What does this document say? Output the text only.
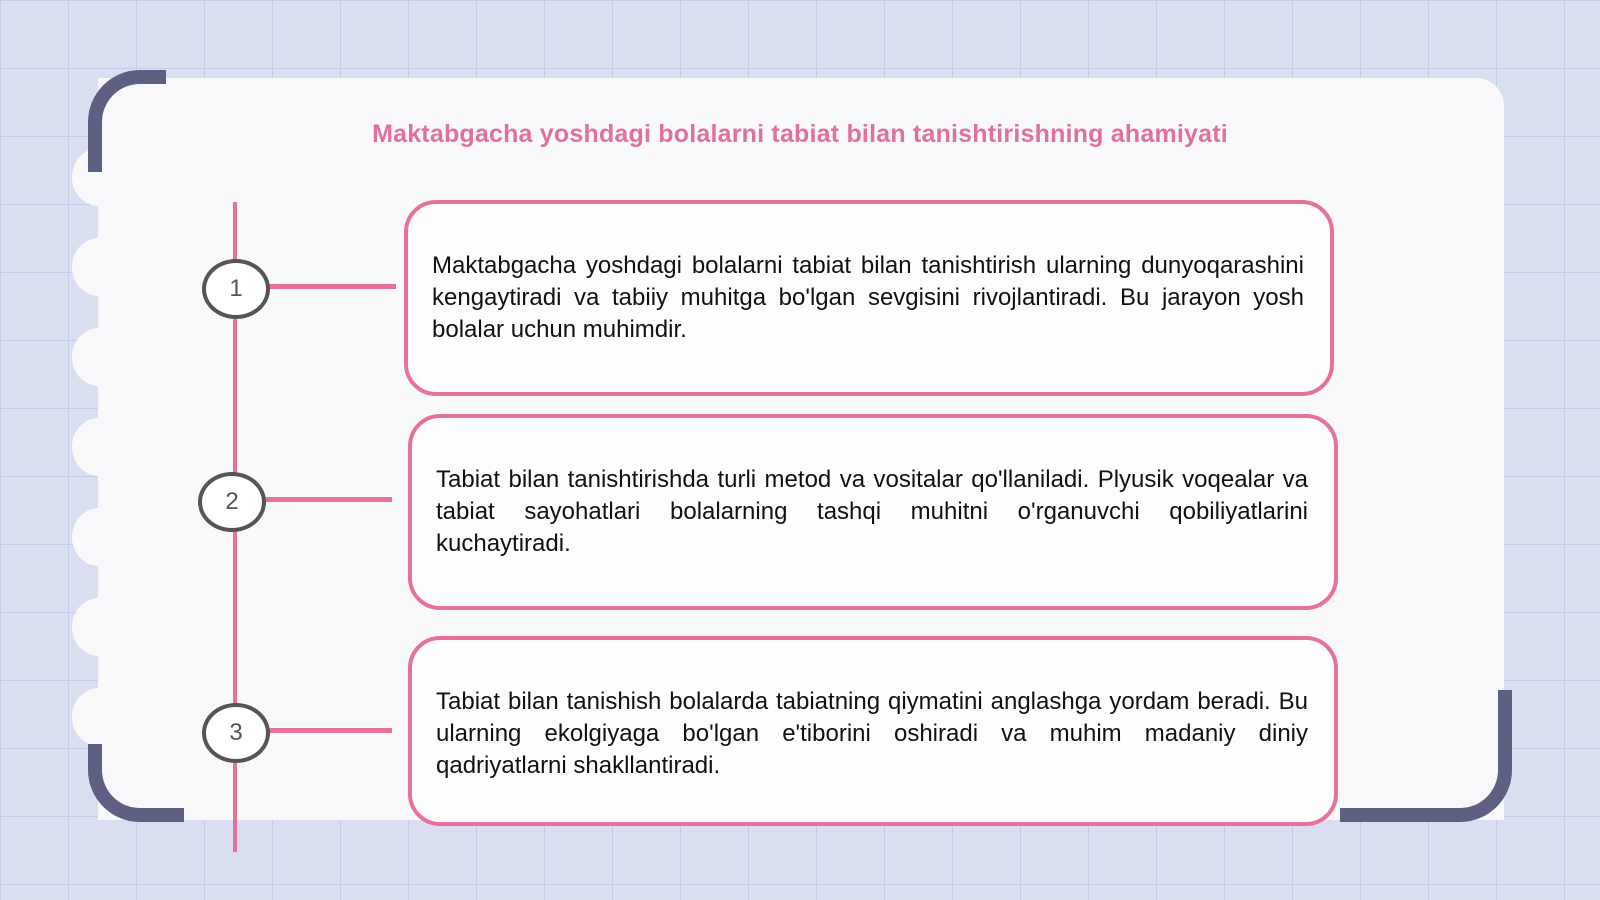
Maktabgacha yoshdagi bolalarni tabiat bilan tanishtirishning ahamiyati
1

Maktabgacha yoshdagi bolalarni tabiat bilan tanishtirish ularning dunyoqarashini kengaytiradi va tabiiy muhitga bo'lgan sevgisini rivojlantiradi. Bu jarayon yosh bolalar uchun muhimdir.

2

Tabiat bilan tanishtirishda turli metod va vositalar qo'llaniladi. Plyusik voqealar va tabiat sayohatlari bolalarning tashqi muhitni o'rganuvchi qobiliyatlarini kuchaytiradi.

3

Tabiat bilan tanishish bolalarda tabiatning qiymatini anglashga yordam beradi. Bu ularning ekolgiyaga bo'lgan e'tiborini oshiradi va muhim madaniy diniy qadriyatlarni shakllantiradi.
